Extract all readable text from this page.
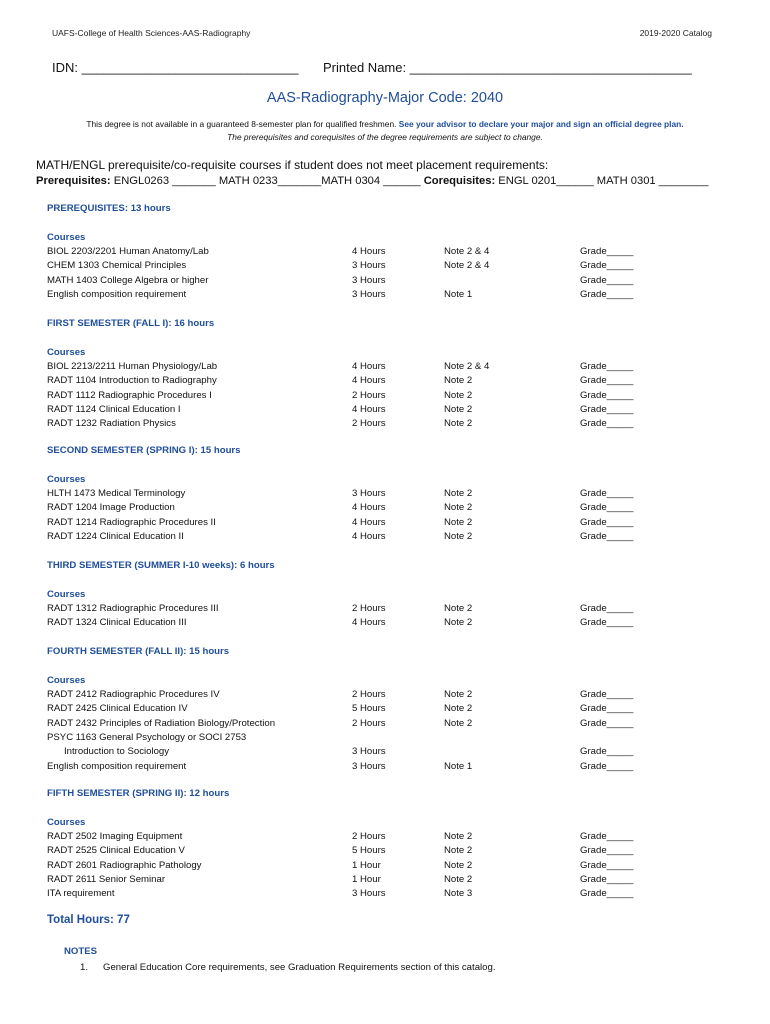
UAFS-College of Health Sciences-AAS-Radiography	2019-2020 Catalog
IDN: ______________________________ Printed Name: _______________________________________
AAS-Radiography-Major Code: 2040
This degree is not available in a guaranteed 8-semester plan for qualified freshmen. See your advisor to declare your major and sign an official degree plan.
The prerequisites and corequisites of the degree requirements are subject to change.
MATH/ENGL prerequisite/co-requisite courses if student does not meet placement requirements:
Prerequisites: ENGL0263 _______ MATH 0233_______MATH 0304 ______ Corequisites: ENGL 0201______ MATH 0301 ________
PREREQUISITES: 13 hours
Courses
BIOL 2203/2201 Human Anatomy/Lab	4 Hours	Note 2 & 4	Grade_____
CHEM 1303 Chemical Principles	3 Hours	Note 2 & 4	Grade_____
MATH 1403 College Algebra or higher	3 Hours	Grade_____
English composition requirement	3 Hours	Note 1	Grade_____
FIRST SEMESTER (FALL I): 16 hours
Courses
BIOL 2213/2211 Human Physiology/Lab	4 Hours	Note 2 & 4	Grade_____
RADT 1104 Introduction to Radiography	4 Hours	Note 2	Grade_____
RADT 1112 Radiographic Procedures I	2 Hours	Note 2	Grade_____
RADT 1124 Clinical Education I	4 Hours	Note 2	Grade_____
RADT 1232 Radiation Physics	2 Hours	Note 2	Grade_____
SECOND SEMESTER (SPRING I): 15 hours
Courses
HLTH 1473 Medical Terminology	3 Hours	Note 2	Grade_____
RADT 1204 Image Production	4 Hours	Note 2	Grade_____
RADT 1214 Radiographic Procedures II	4 Hours	Note 2	Grade_____
RADT 1224 Clinical Education II	4 Hours	Note 2	Grade_____
THIRD SEMESTER (SUMMER I-10 weeks): 6 hours
Courses
RADT 1312 Radiographic Procedures III	2 Hours	Note 2	Grade_____
RADT 1324 Clinical Education III	4 Hours	Note 2	Grade_____
FOURTH SEMESTER (FALL II): 15 hours
Courses
RADT 2412 Radiographic Procedures IV	2 Hours	Note 2	Grade_____
RADT 2425 Clinical Education IV	5 Hours	Note 2	Grade_____
RADT 2432 Principles of Radiation Biology/Protection	2 Hours	Note 2	Grade_____
PSYC 1163 General Psychology or SOCI 2753
Introduction to Sociology	3 Hours	Grade_____
English composition requirement	3 Hours	Note 1	Grade_____
FIFTH SEMESTER (SPRING II): 12 hours
Courses
RADT 2502 Imaging Equipment	2 Hours	Note 2	Grade_____
RADT 2525 Clinical Education V	5 Hours	Note 2	Grade_____
RADT 2601 Radiographic Pathology	1 Hour	Note 2	Grade_____
RADT 2611 Senior Seminar	1 Hour	Note 2	Grade_____
ITA requirement	3 Hours	Note 3	Grade_____
Total Hours: 77
NOTES
1. General Education Core requirements, see Graduation Requirements section of this catalog.
